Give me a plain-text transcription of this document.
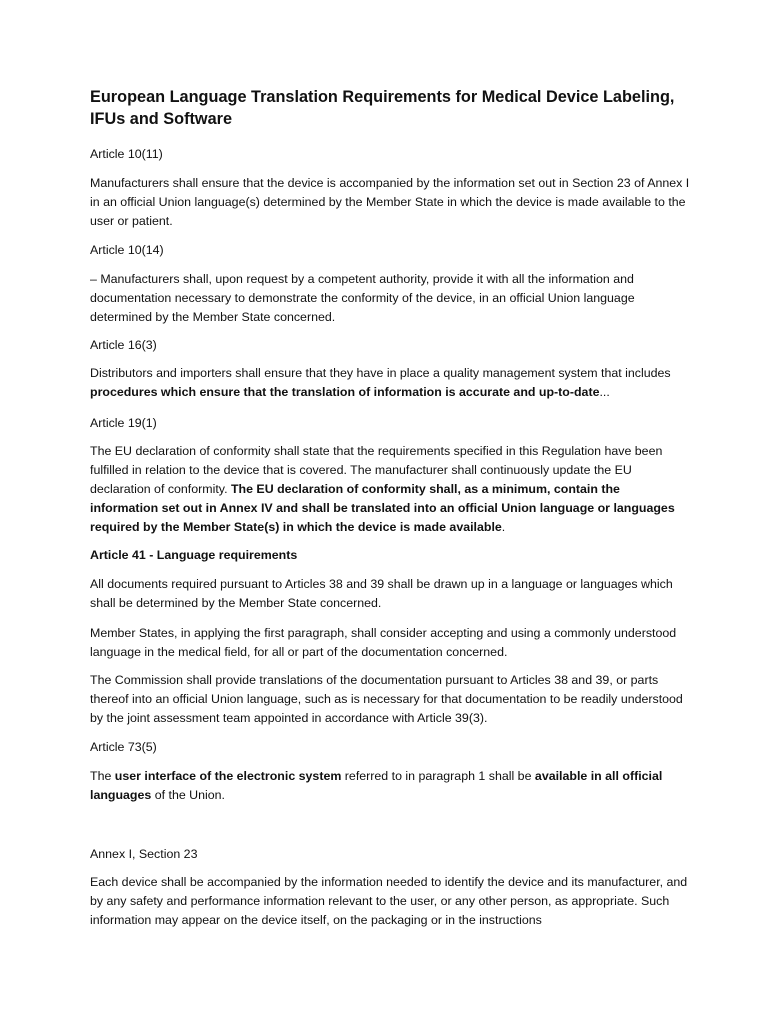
European Language Translation Requirements for Medical Device Labeling, IFUs and Software

Article 10(11)

Manufacturers shall ensure that the device is accompanied by the information set out in Section 23 of Annex I in an official Union language(s) determined by the Member State in which the device is made available to the user or patient.

Article 10(14)

– Manufacturers shall, upon request by a competent authority, provide it with all the information and documentation necessary to demonstrate the conformity of the device, in an official Union language determined by the Member State concerned.

Article 16(3)

Distributors and importers shall ensure that they have in place a quality management system that includes procedures which ensure that the translation of information is accurate and up-to-date...

Article 19(1)

The EU declaration of conformity shall state that the requirements specified in this Regulation have been fulfilled in relation to the device that is covered. The manufacturer shall continuously update the EU declaration of conformity. The EU declaration of conformity shall, as a minimum, contain the information set out in Annex IV and shall be translated into an official Union language or languages required by the Member State(s) in which the device is made available.

Article 41 - Language requirements

All documents required pursuant to Articles 38 and 39 shall be drawn up in a language or languages which shall be determined by the Member State concerned.

Member States, in applying the first paragraph, shall consider accepting and using a commonly understood language in the medical field, for all or part of the documentation concerned.

The Commission shall provide translations of the documentation pursuant to Articles 38 and 39, or parts thereof into an official Union language, such as is necessary for that documentation to be readily understood by the joint assessment team appointed in accordance with Article 39(3).

Article 73(5)

The user interface of the electronic system referred to in paragraph 1 shall be available in all official languages of the Union.

Annex I, Section 23

Each device shall be accompanied by the information needed to identify the device and its manufacturer, and by any safety and performance information relevant to the user, or any other person, as appropriate. Such information may appear on the device itself, on the packaging or in the instructions
